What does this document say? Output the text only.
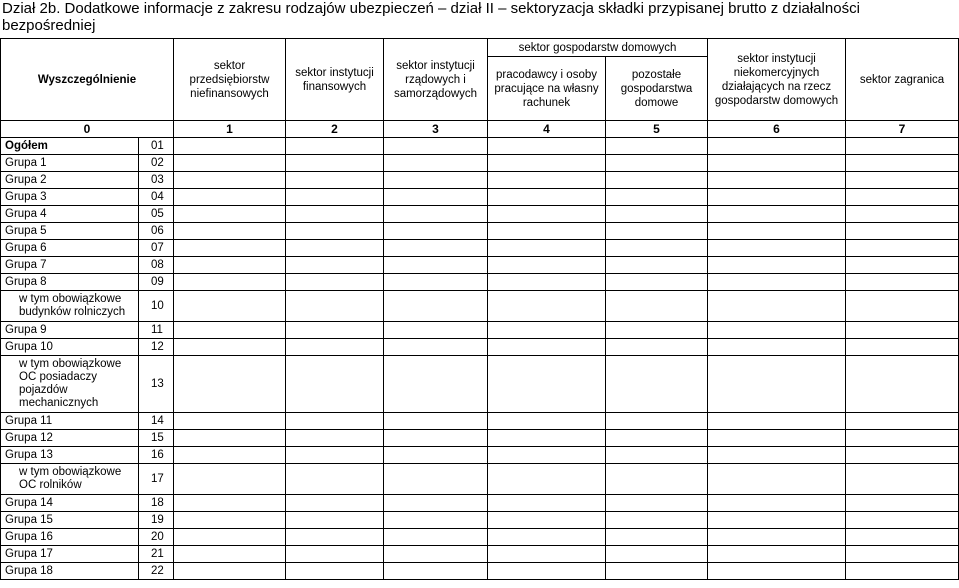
Dział 2b. Dodatkowe informacje z zakresu rodzajów ubezpieczeń – dział II – sektoryzacja składki przypisanej brutto z działalności bezpośredniej
Wyszczególnienie		sektor przedsiębiorstw niefinansowych	sektor instytucji finansowych	sektor instytucji rządowych i samorządowych	sektor gospodarstw domowych		sektor instytucji niekomercyjnych działających na rzecz gospodarstw domowych	sektor zagranica
					pracodawcy i osoby pracujące na własny rachunek	pozostałe gospodarstwa domowe		
0		1	2	3	4	5	6	7
Ogółem	01							
Grupa 1	02							
Grupa 2	03							
Grupa 3	04							
Grupa 4	05							
Grupa 5	06							
Grupa 6	07							
Grupa 7	08							
Grupa 8	09							
w tym obowiązkowe budynków rolniczych	10							
Grupa 9	11							
Grupa 10	12							
w tym obowiązkowe OC posiadaczy pojazdów mechanicznych	13							
Grupa 11	14							
Grupa 12	15							
Grupa 13	16							
w tym obowiązkowe OC rolników	17							
Grupa 14	18							
Grupa 15	19							
Grupa 16	20							
Grupa 17	21							
Grupa 18	22							
